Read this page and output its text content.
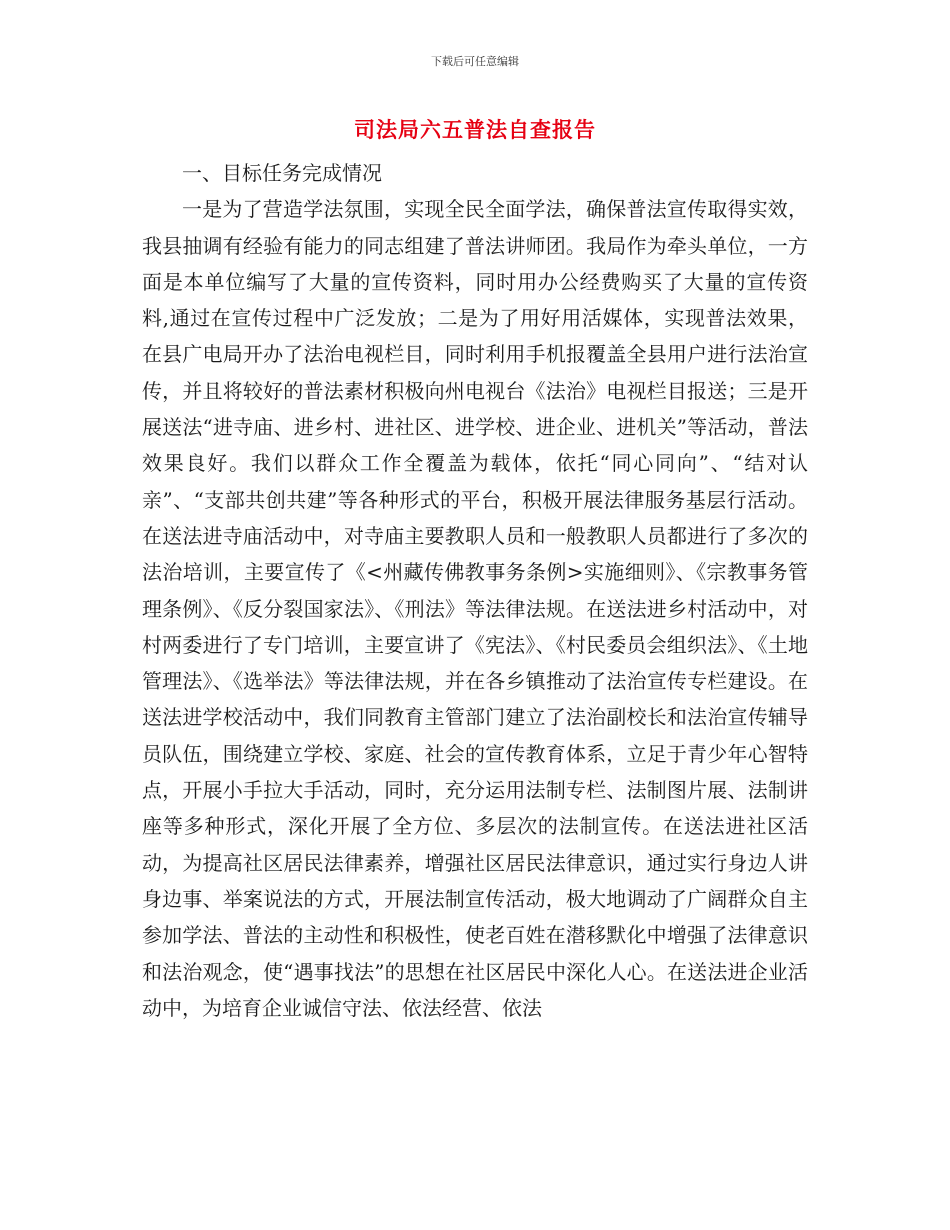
下载后可任意编辑
司法局六五普法自查报告

一、目标任务完成情况

一是为了营造学法氛围，实现全民全面学法，确保普法宣传取得实效，我县抽调有经验有能力的同志组建了普法讲师团。我局作为牵头单位，一方面是本单位编写了大量的宣传资料，同时用办公经费购买了大量的宣传资料,通过在宣传过程中广泛发放；二是为了用好用活媒体，实现普法效果，在县广电局开办了法治电视栏目，同时利用手机报覆盖全县用户进行法治宣传，并且将较好的普法素材积极向州电视台《法治》电视栏目报送；三是开展送法“进寺庙、进乡村、进社区、进学校、进企业、进机关”等活动，普法效果良好。我们以群众工作全覆盖为载体，依托“同心同向”、“结对认亲”、“支部共创共建”等各种形式的平台，积极开展法律服务基层行活动。在送法进寺庙活动中，对寺庙主要教职人员和一般教职人员都进行了多次的法治培训，主要宣传了《<州藏传佛教事务条例>实施细则》、《宗教事务管理条例》、《反分裂国家法》、《刑法》等法律法规。在送法进乡村活动中，对村两委进行了专门培训，主要宣讲了《宪法》、《村民委员会组织法》、《土地管理法》、《选举法》等法律法规，并在各乡镇推动了法治宣传专栏建设。在送法进学校活动中，我们同教育主管部门建立了法治副校长和法治宣传辅导员队伍，围绕建立学校、家庭、社会的宣传教育体系，立足于青少年心智特点，开展小手拉大手活动，同时，充分运用法制专栏、法制图片展、法制讲座等多种形式，深化开展了全方位、多层次的法制宣传。在送法进社区活动，为提高社区居民法律素养，增强社区居民法律意识，通过实行身边人讲身边事、举案说法的方式，开展法制宣传活动，极大地调动了广阔群众自主参加学法、普法的主动性和积极性，使老百姓在潜移默化中增强了法律意识和法治观念，使“遇事找法”的思想在社区居民中深化人心。在送法进企业活动中，为培育企业诚信守法、依法经营、依法
